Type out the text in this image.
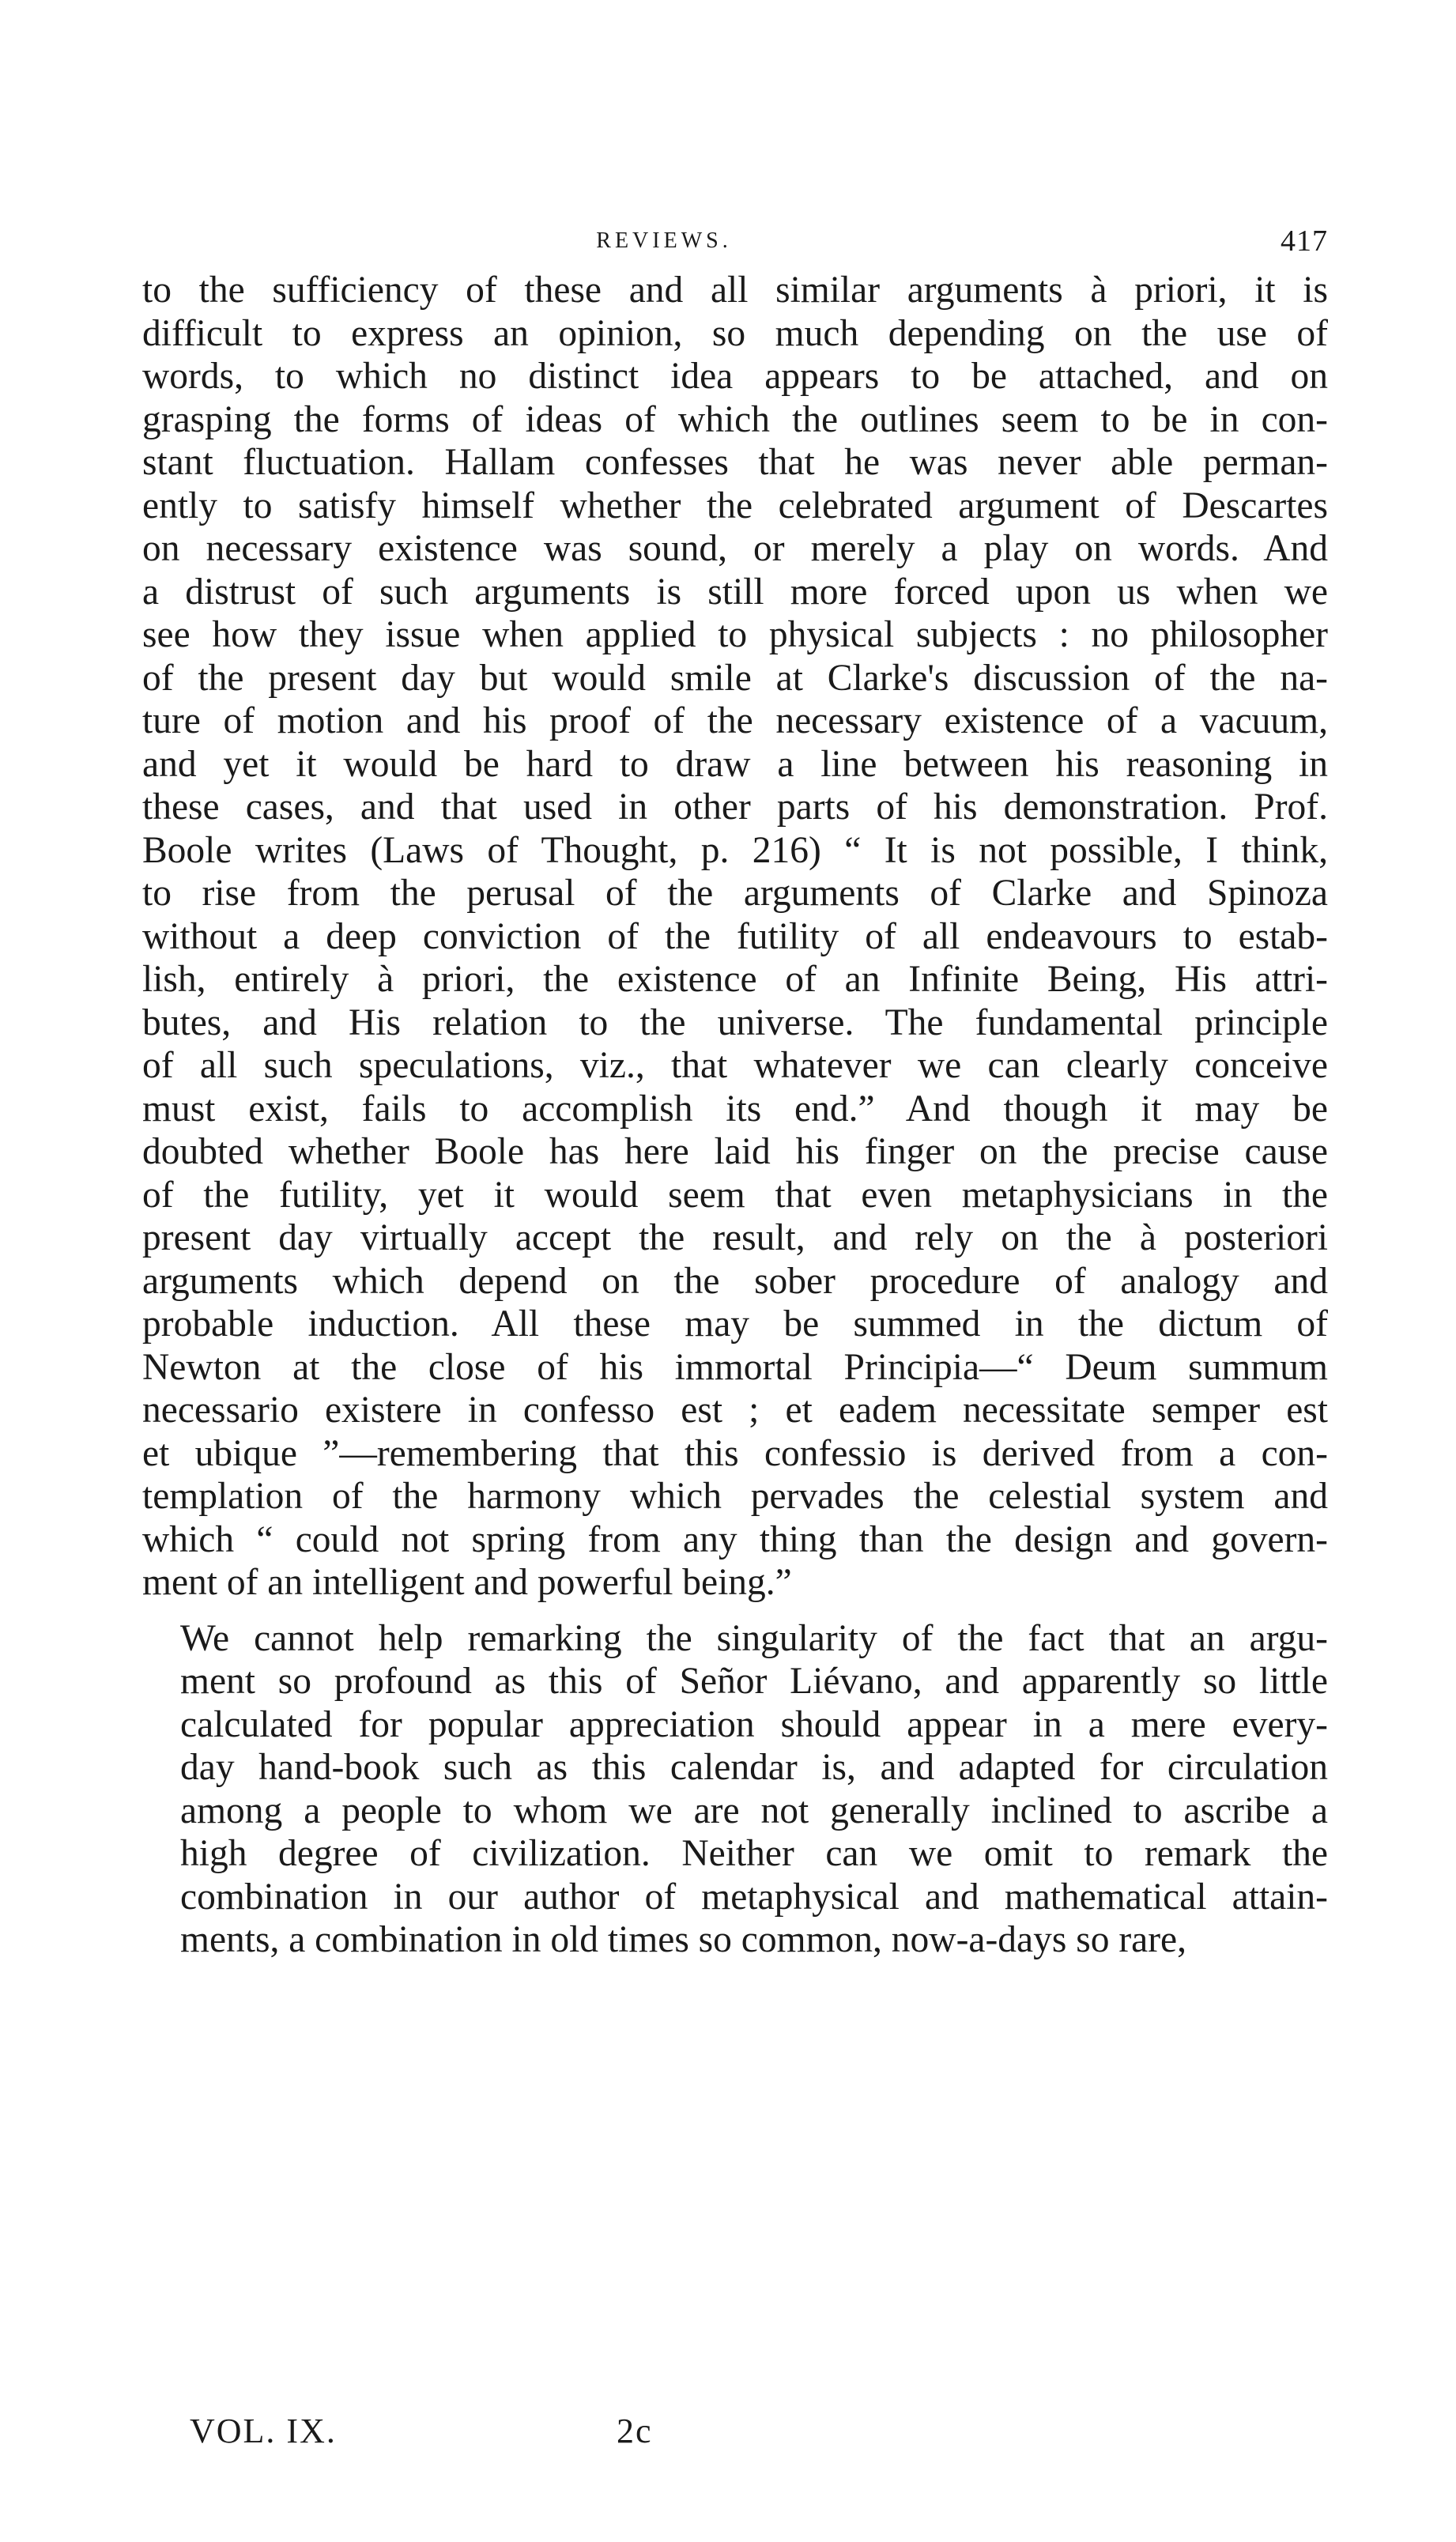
REVIEWS.	417

to the sufficiency of these and all similar arguments à priori, it is
difficult to express an opinion, so much depending on the use of
words, to which no distinct idea appears to be attached, and on
grasping the forms of ideas of which the outlines seem to be in con-
stant fluctuation. Hallam confesses that he was never able perman-
ently to satisfy himself whether the celebrated argument of Descartes
on necessary existence was sound, or merely a play on words. And
a distrust of such arguments is still more forced upon us when we
see how they issue when applied to physical subjects : no philosopher
of the present day but would smile at Clarke's discussion of the na-
ture of motion and his proof of the necessary existence of a vacuum,
and yet it would be hard to draw a line between his reasoning in
these cases, and that used in other parts of his demonstration. Prof.
Boole writes (Laws of Thought, p. 216) “ It is not possible, I think,
to rise from the perusal of the arguments of Clarke and Spinoza
without a deep conviction of the futility of all endeavours to estab-
lish, entirely à priori, the existence of an Infinite Being, His attri-
butes, and His relation to the universe. The fundamental principle
of all such speculations, viz., that whatever we can clearly conceive
must exist, fails to accomplish its end.” And though it may be
doubted whether Boole has here laid his finger on the precise cause
of the futility, yet it would seem that even metaphysicians in the
present day virtually accept the result, and rely on the à posteriori
arguments which depend on the sober procedure of analogy and
probable induction. All these may be summed in the dictum of
Newton at the close of his immortal Principia—“ Deum summum
necessario existere in confesso est ; et eadem necessitate semper est
et ubique ”—remembering that this confessio is derived from a con-
templation of the harmony which pervades the celestial system and
which “ could not spring from any thing than the design and govern-
ment of an intelligent and powerful being.”

We cannot help remarking the singularity of the fact that an argu-
ment so profound as this of Señor Liévano, and apparently so little
calculated for popular appreciation should appear in a mere every-
day hand-book such as this calendar is, and adapted for circulation
among a people to whom we are not generally inclined to ascribe a
high degree of civilization. Neither can we omit to remark the
combination in our author of metaphysical and mathematical attain-
ments, a combination in old times so common, now-a-days so rare,

VOL. IX.	2c
